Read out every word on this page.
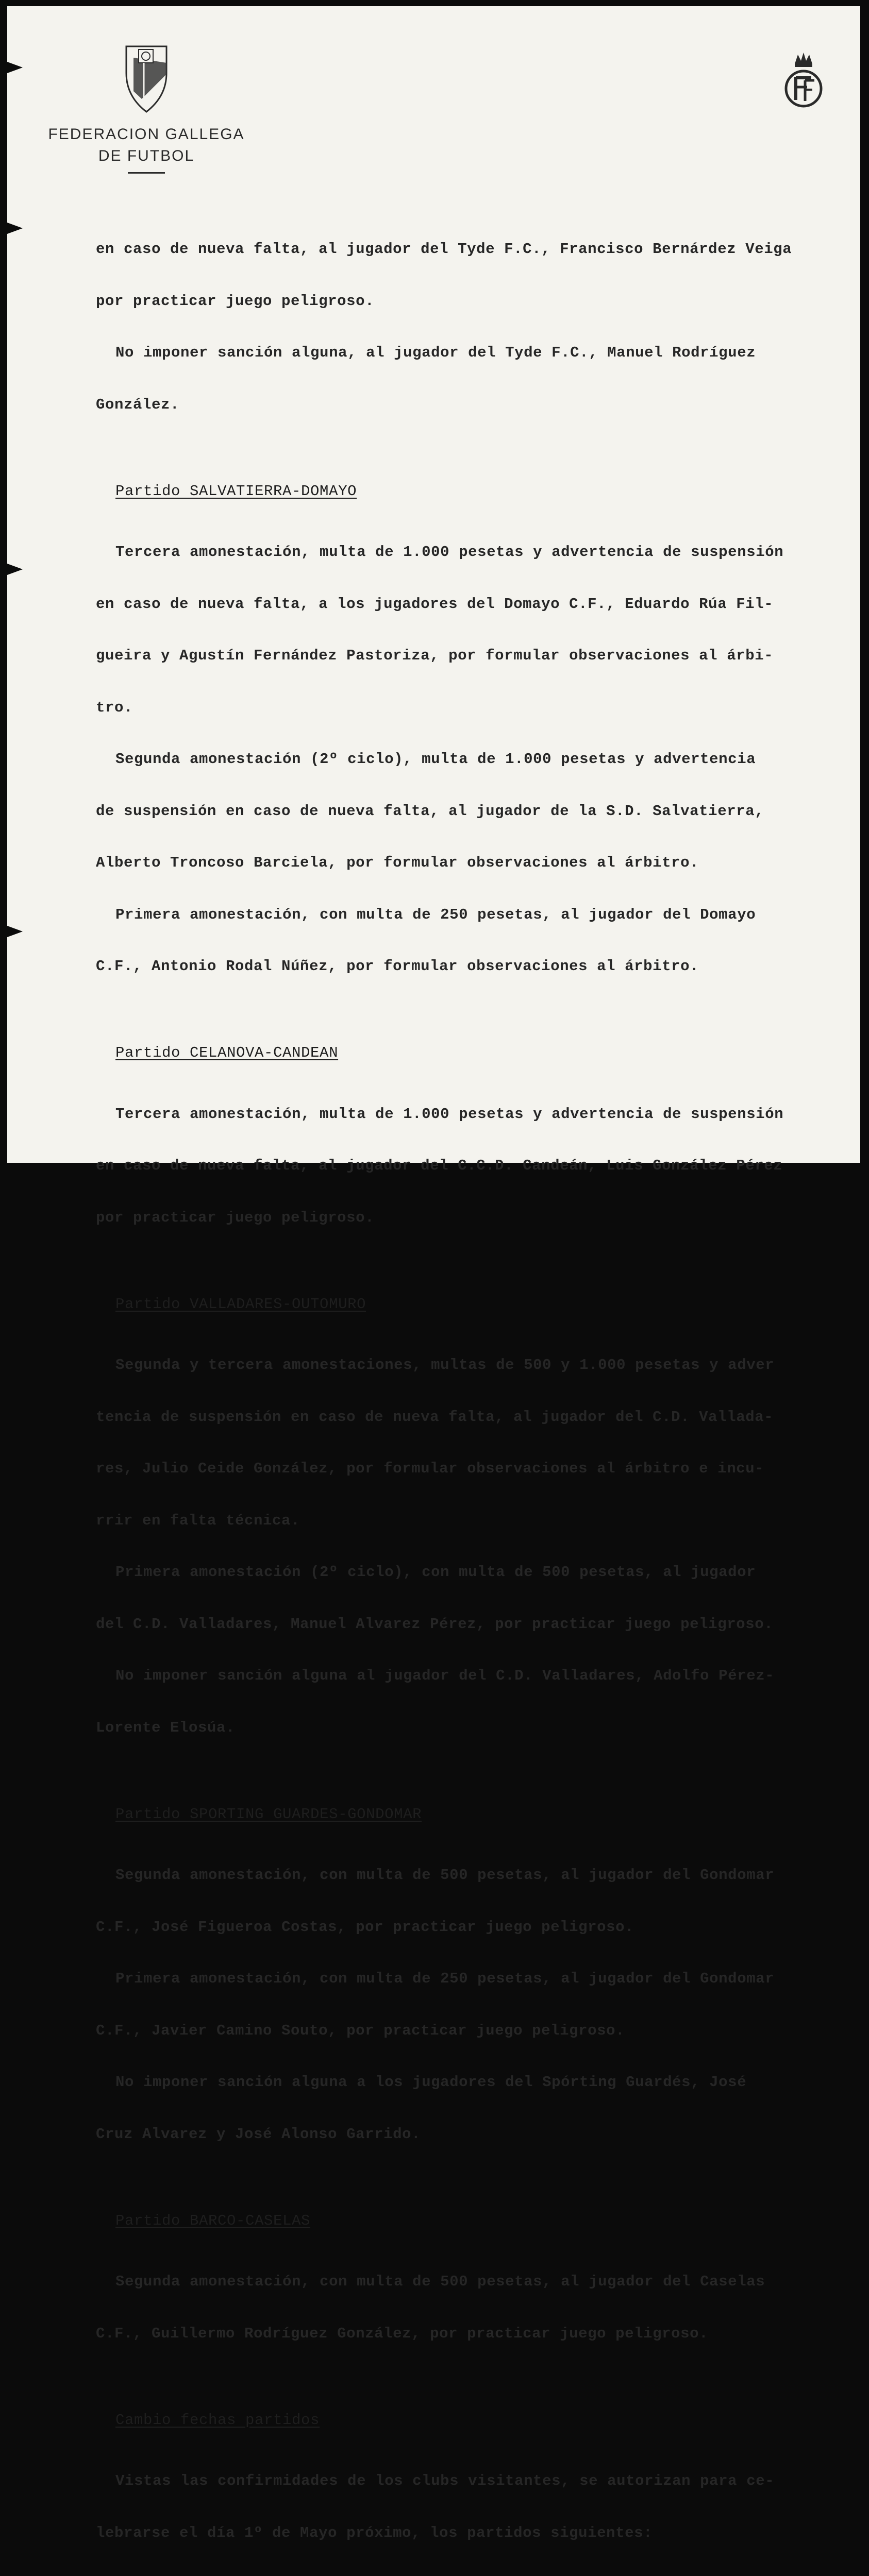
FEDERACION GALLEGA
DE FUTBOL

en caso de nueva falta, al jugador del Tyde F.C., Francisco Bernárdez Veiga

por practicar juego peligroso.

No imponer sanción alguna, al jugador del Tyde F.C., Manuel Rodríguez

González.

Partido SALVATIERRA-DOMAYO

Tercera amonestación, multa de 1.000 pesetas y advertencia de suspensión

en caso de nueva falta, a los jugadores del Domayo C.F., Eduardo Rúa Fil-

gueira y Agustín Fernández Pastoriza, por formular observaciones al árbi-

tro.

Segunda amonestación (2º ciclo), multa de 1.000 pesetas y advertencia

de suspensión en caso de nueva falta, al jugador de la S.D. Salvatierra,

Alberto Troncoso Barciela, por formular observaciones al árbitro.

Primera amonestación, con multa de 250 pesetas, al jugador del Domayo

C.F., Antonio Rodal Núñez, por formular observaciones al árbitro.

Partido CELANOVA-CANDEAN

Tercera amonestación, multa de 1.000 pesetas y advertencia de suspensión

en caso de nueva falta, al jugador del C.C.D. Candeán, Luis González Pérez

por practicar juego peligroso.

Partido VALLADARES-OUTOMURO

Segunda y tercera amonestaciones, multas de 500 y 1.000 pesetas y adver

tencia de suspensión en caso de nueva falta, al jugador del C.D. Vallada-

res, Julio Ceide González, por formular observaciones al árbitro e incu-

rrir en falta técnica.

Primera amonestación (2º ciclo), con multa de 500 pesetas, al jugador

del C.D. Valladares, Manuel Alvarez Pérez, por practicar juego peligroso.

No imponer sanción alguna al jugador del C.D. Valladares, Adolfo Pérez-

Lorente Elosúa.

Partido SPORTING GUARDES-GONDOMAR

Segunda amonestación, con multa de 500 pesetas, al jugador del Gondomar

C.F., José Figueroa Costas, por practicar juego peligroso.

Primera amonestación, con multa de 250 pesetas, al jugador del Gondomar

C.F., Javier Camino Souto, por practicar juego peligroso.

No imponer sanción alguna a los jugadores del Spórting Guardés, José

Cruz Alvarez y José Alonso Garrido.

Partido BARCO-CASELAS

Segunda amonestación, con multa de 500 pesetas, al jugador del Caselas

C.F., Guillermo Rodríguez González, por practicar juego peligroso.

Cambio fechas partidos

Vistas las confirmidades de los clubs visitantes, se autorizan para ce-

lebrarse el día 1º de Mayo próximo, los partidos siguientes:
